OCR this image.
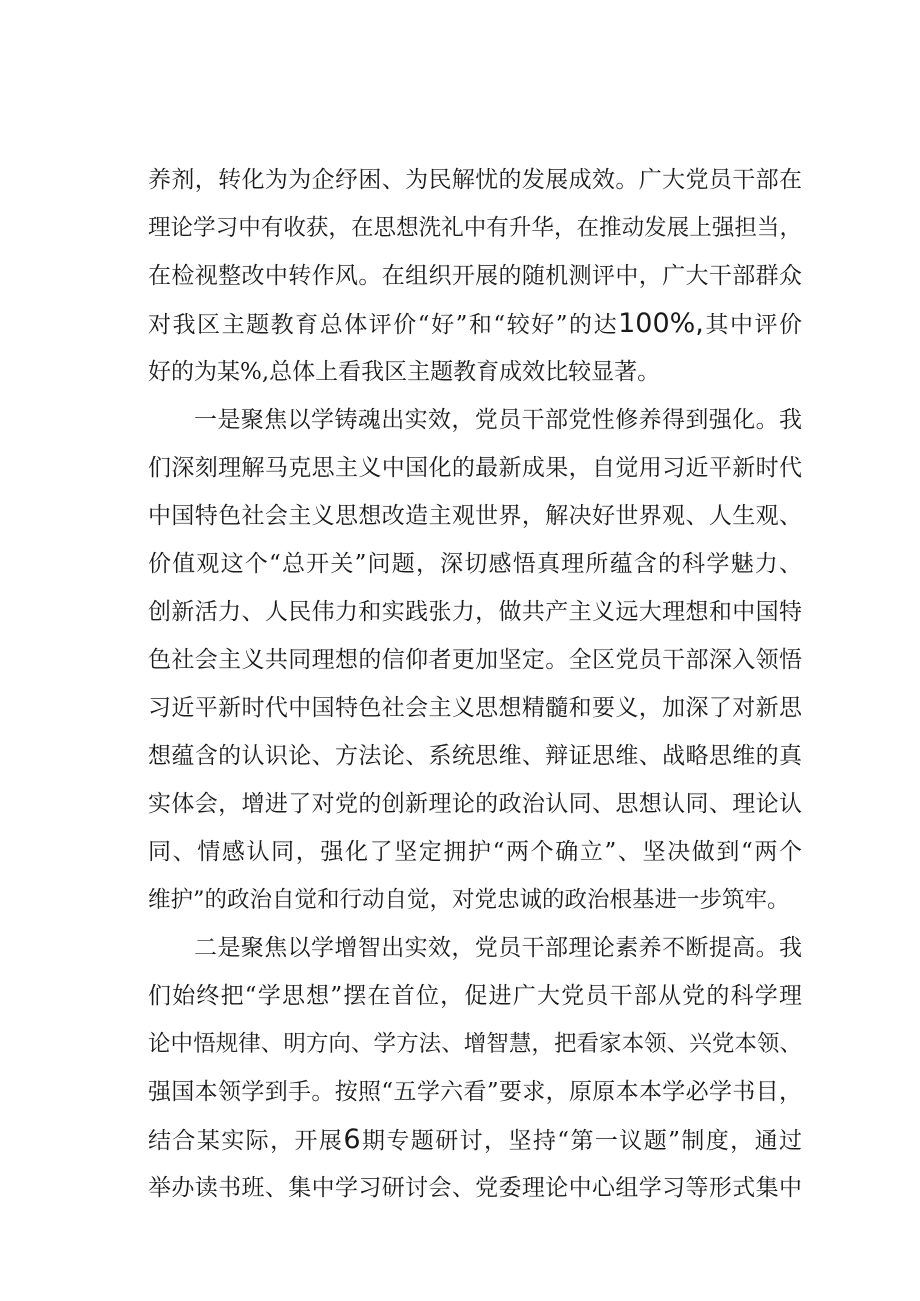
养剂，转化为为企纾困、为民解忧的发展成效。广大党员干部在
理论学习中有收获，在思想洗礼中有升华，在推动发展上强担当，
在检视整改中转作风。在组织开展的随机测评中，广大干部群众
对我区主题教育总体评价“好”和“较好”的达100%,其中评价
好的为某%,总体上看我区主题教育成效比较显著。
一是聚焦以学铸魂出实效，党员干部党性修养得到强化。我
们深刻理解马克思主义中国化的最新成果，自觉用习近平新时代
中国特色社会主义思想改造主观世界，解决好世界观、人生观、
价值观这个“总开关”问题，深切感悟真理所蕴含的科学魅力、
创新活力、人民伟力和实践张力，做共产主义远大理想和中国特
色社会主义共同理想的信仰者更加坚定。全区党员干部深入领悟
习近平新时代中国特色社会主义思想精髓和要义，加深了对新思
想蕴含的认识论、方法论、系统思维、辩证思维、战略思维的真
实体会，增进了对党的创新理论的政治认同、思想认同、理论认
同、情感认同，强化了坚定拥护“两个确立”、坚决做到“两个
维护”的政治自觉和行动自觉，对党忠诚的政治根基进一步筑牢。
二是聚焦以学增智出实效，党员干部理论素养不断提高。我
们始终把“学思想”摆在首位，促进广大党员干部从党的科学理
论中悟规律、明方向、学方法、增智慧，把看家本领、兴党本领、
强国本领学到手。按照“五学六看”要求，原原本本学必学书目，
结合某实际，开展6期专题研讨，坚持“第一议题”制度，通过
举办读书班、集中学习研讨会、党委理论中心组学习等形式集中
